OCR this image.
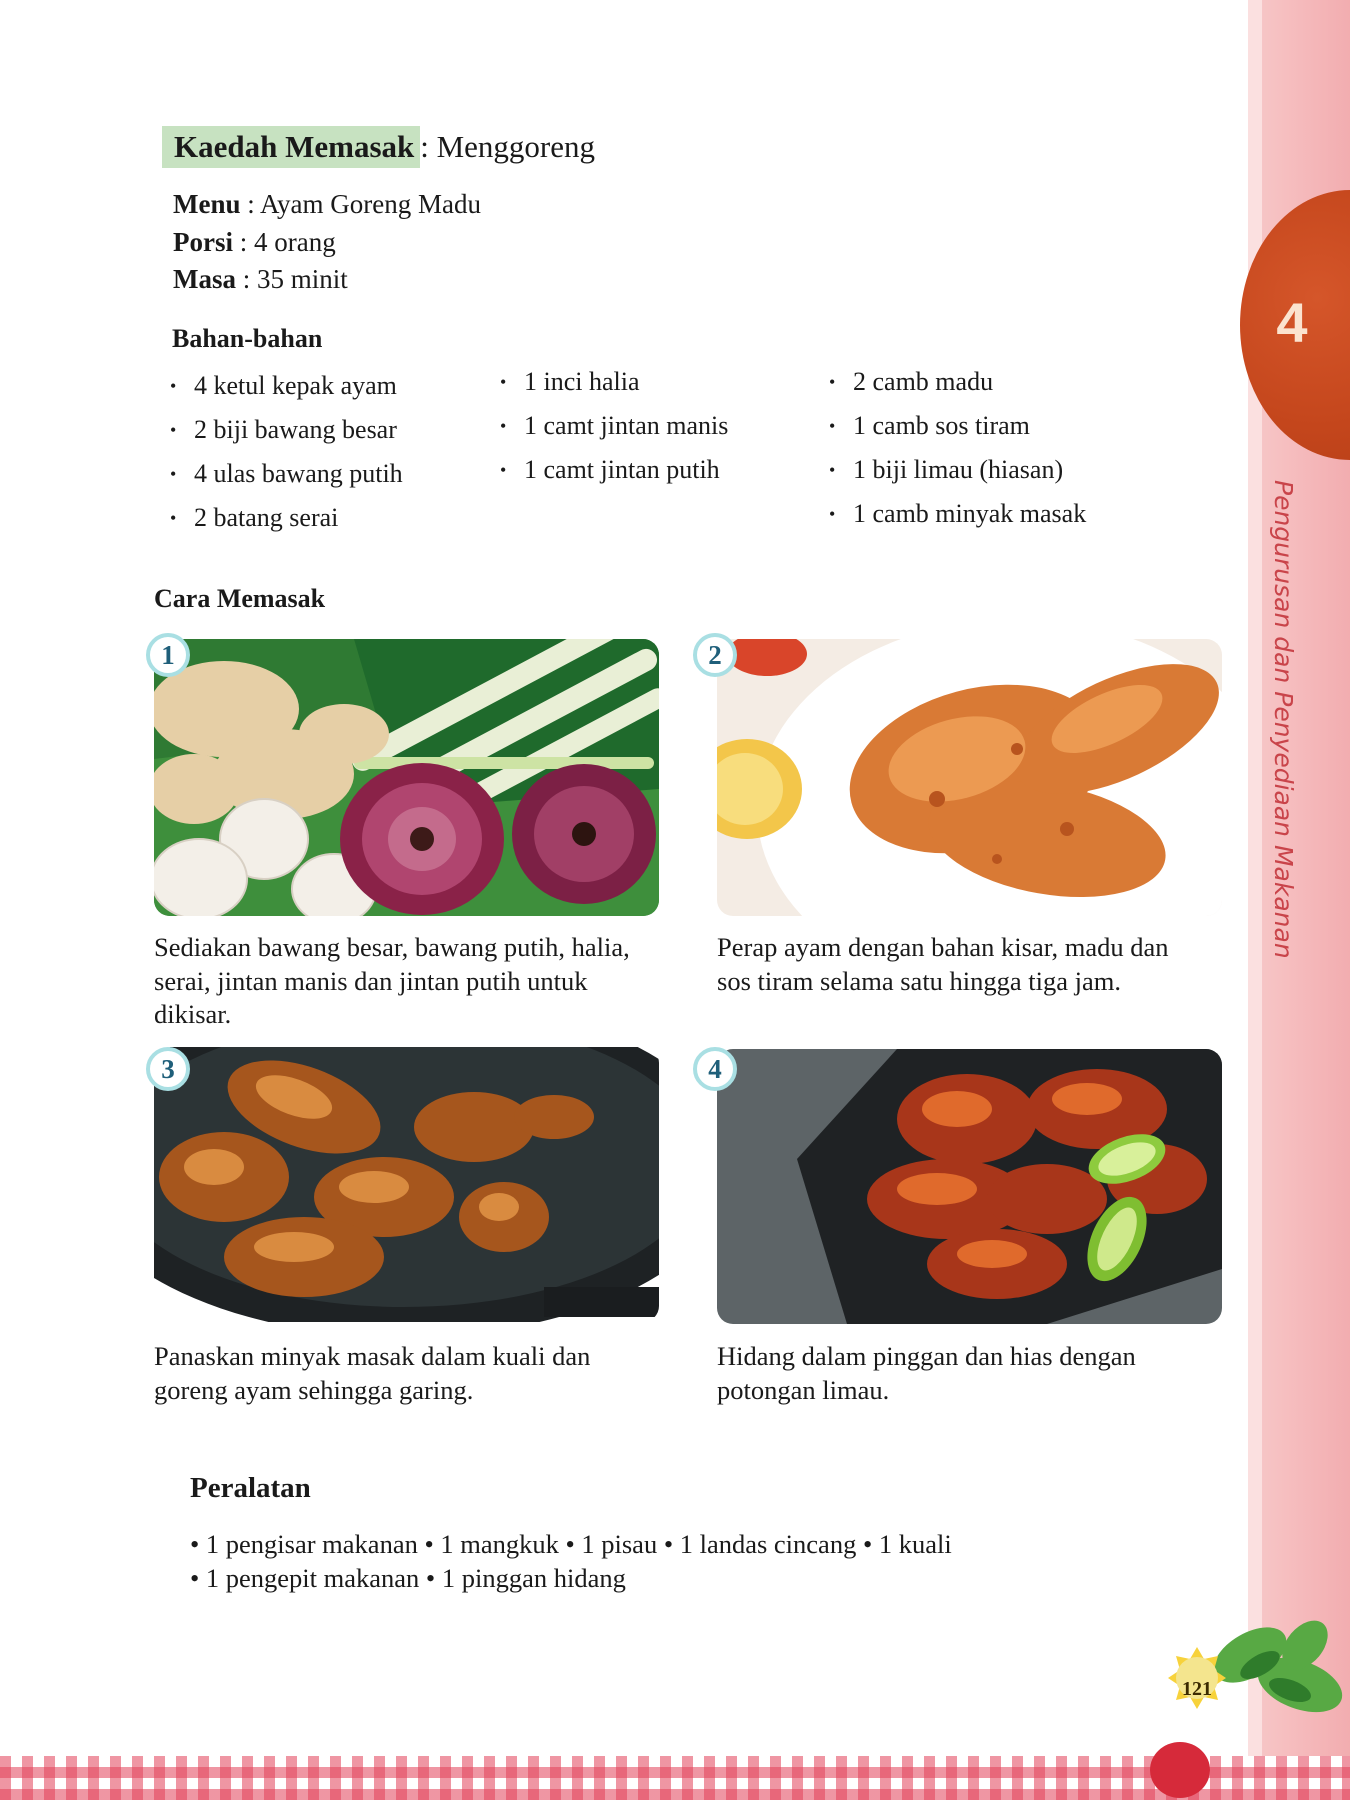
4
Pengurusan dan Penyediaan Makanan
Kaedah Memasak : Menggoreng
Menu : Ayam Goreng Madu
Porsi : 4 orang
Masa : 35 minit
Bahan-bahan
• 4 ketul kepak ayam
• 2 biji bawang besar
• 4 ulas bawang putih
• 2 batang serai
• 1 inci halia
• 1 camt jintan manis
• 1 camt jintan putih
• 2 camb madu
• 1 camb sos tiram
• 1 biji limau (hiasan)
• 1 camb minyak masak
Cara Memasak
1
Sediakan bawang besar, bawang putih, halia,
serai, jintan manis dan jintan putih untuk
dikisar.
2
Perap ayam dengan bahan kisar, madu dan
sos tiram selama satu hingga tiga jam.
3
Panaskan minyak masak dalam kuali dan
goreng ayam sehingga garing.
4
Hidang dalam pinggan dan hias dengan
potongan limau.
Peralatan
• 1 pengisar makanan • 1 mangkuk • 1 pisau • 1 landas cincang • 1 kuali
• 1 pengepit makanan • 1 pinggan hidang
121
